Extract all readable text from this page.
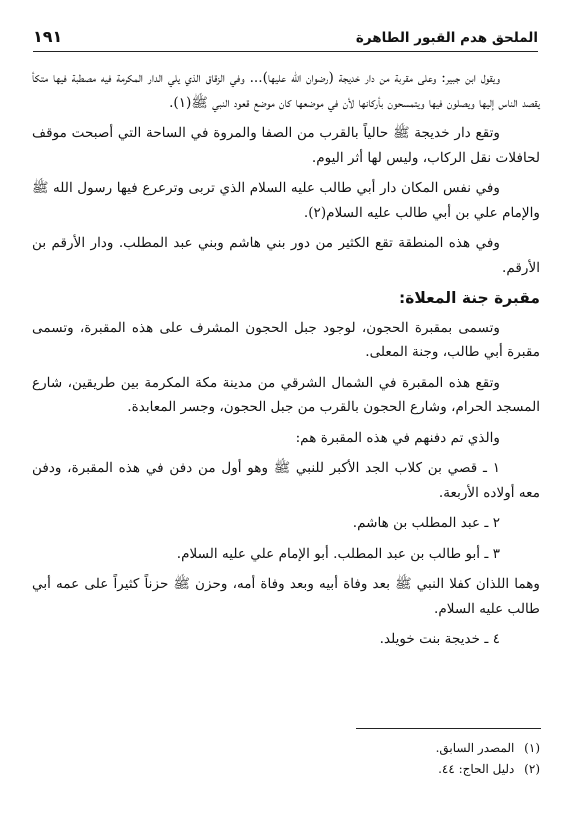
الملحق هدم القبور الطاهرة
١٩١

ويقول ابن جبير: وعلى مقربة من دار خديجة (رضوان الله عليها)... وفي الزقاق الذي يلي الدار المكرمة فيه مصطبة فيها متكأ يقصد الناس إليها ويصلون فيها ويتمسحون بأركانها لأن في موضعها كان موضع قعود النبي ﷺ(١).

وتقع دار خديجة ﷺ حالياً بالقرب من الصفا والمروة في الساحة التي أصبحت موقف لحافلات نقل الركاب، وليس لها أثر اليوم.

وفي نفس المكان دار أبي طالب عليه السلام الذي تربى وترعرع فيها رسول الله ﷺ والإمام علي بن أبي طالب عليه السلام(٢).

وفي هذه المنطقة تقع الكثير من دور بني هاشم وبني عبد المطلب. ودار الأرقم بن الأرقم.

مقبرة جنة المعلاة:

وتسمى بمقبرة الحجون، لوجود جبل الحجون المشرف على هذه المقبرة، وتسمى مقبرة أبي طالب، وجنة المعلى.

وتقع هذه المقبرة في الشمال الشرقي من مدينة مكة المكرمة بين طريقين، شارع المسجد الحرام، وشارع الحجون بالقرب من جبل الحجون، وجسر المعابدة.

والذي تم دفنهم في هذه المقبرة هم:

١ ـ قصي بن كلاب الجد الأكبر للنبي ﷺ وهو أول من دفن في هذه المقبرة، ودفن معه أولاده الأربعة.

٢ ـ عبد المطلب بن هاشم.

٣ ـ أبو طالب بن عبد المطلب. أبو الإمام علي عليه السلام.

وهما اللذان كفلا النبي ﷺ بعد وفاة أبيه وبعد وفاة أمه، وحزن ﷺ حزناً كثيراً على عمه أبي طالب عليه السلام.

٤ ـ خديجة بنت خويلد.

(١) المصدر السابق.
(٢) دليل الحاج: ٤٤.
